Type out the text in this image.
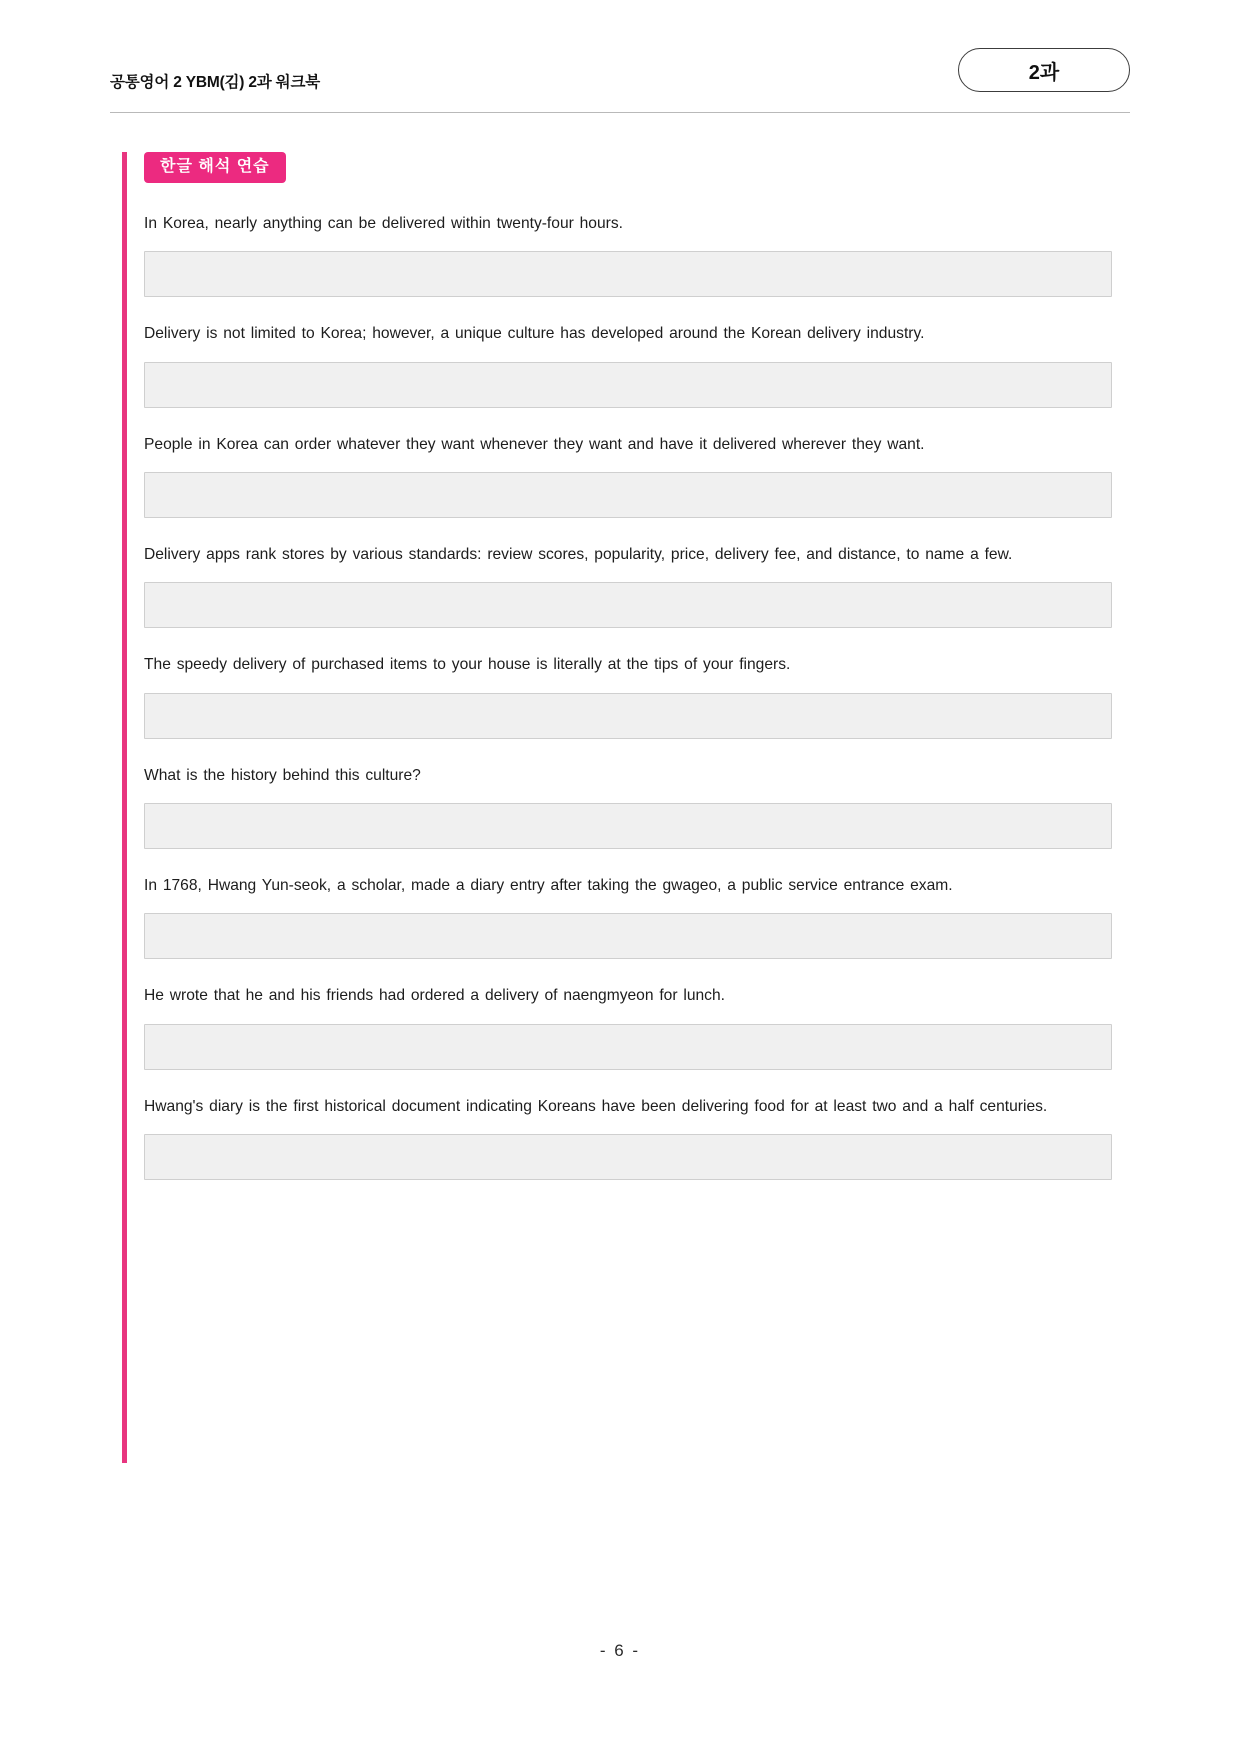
공통영어 2 YBM(김) 2과 워크북	2과
한글 해석 연습

In Korea, nearly anything can be delivered within twenty-four hours.

Delivery is not limited to Korea; however, a unique culture has developed around the Korean delivery industry.

People in Korea can order whatever they want whenever they want and have it delivered wherever they want.

Delivery apps rank stores by various standards: review scores, popularity, price, delivery fee, and distance, to name a few.

The speedy delivery of purchased items to your house is literally at the tips of your fingers.

What is the history behind this culture?

In 1768, Hwang Yun-seok, a scholar, made a diary entry after taking the gwageo, a public service entrance exam.

He wrote that he and his friends had ordered a delivery of naengmyeon for lunch.

Hwang's diary is the first historical document indicating Koreans have been delivering food for at least two and a half centuries.

- 6 -
